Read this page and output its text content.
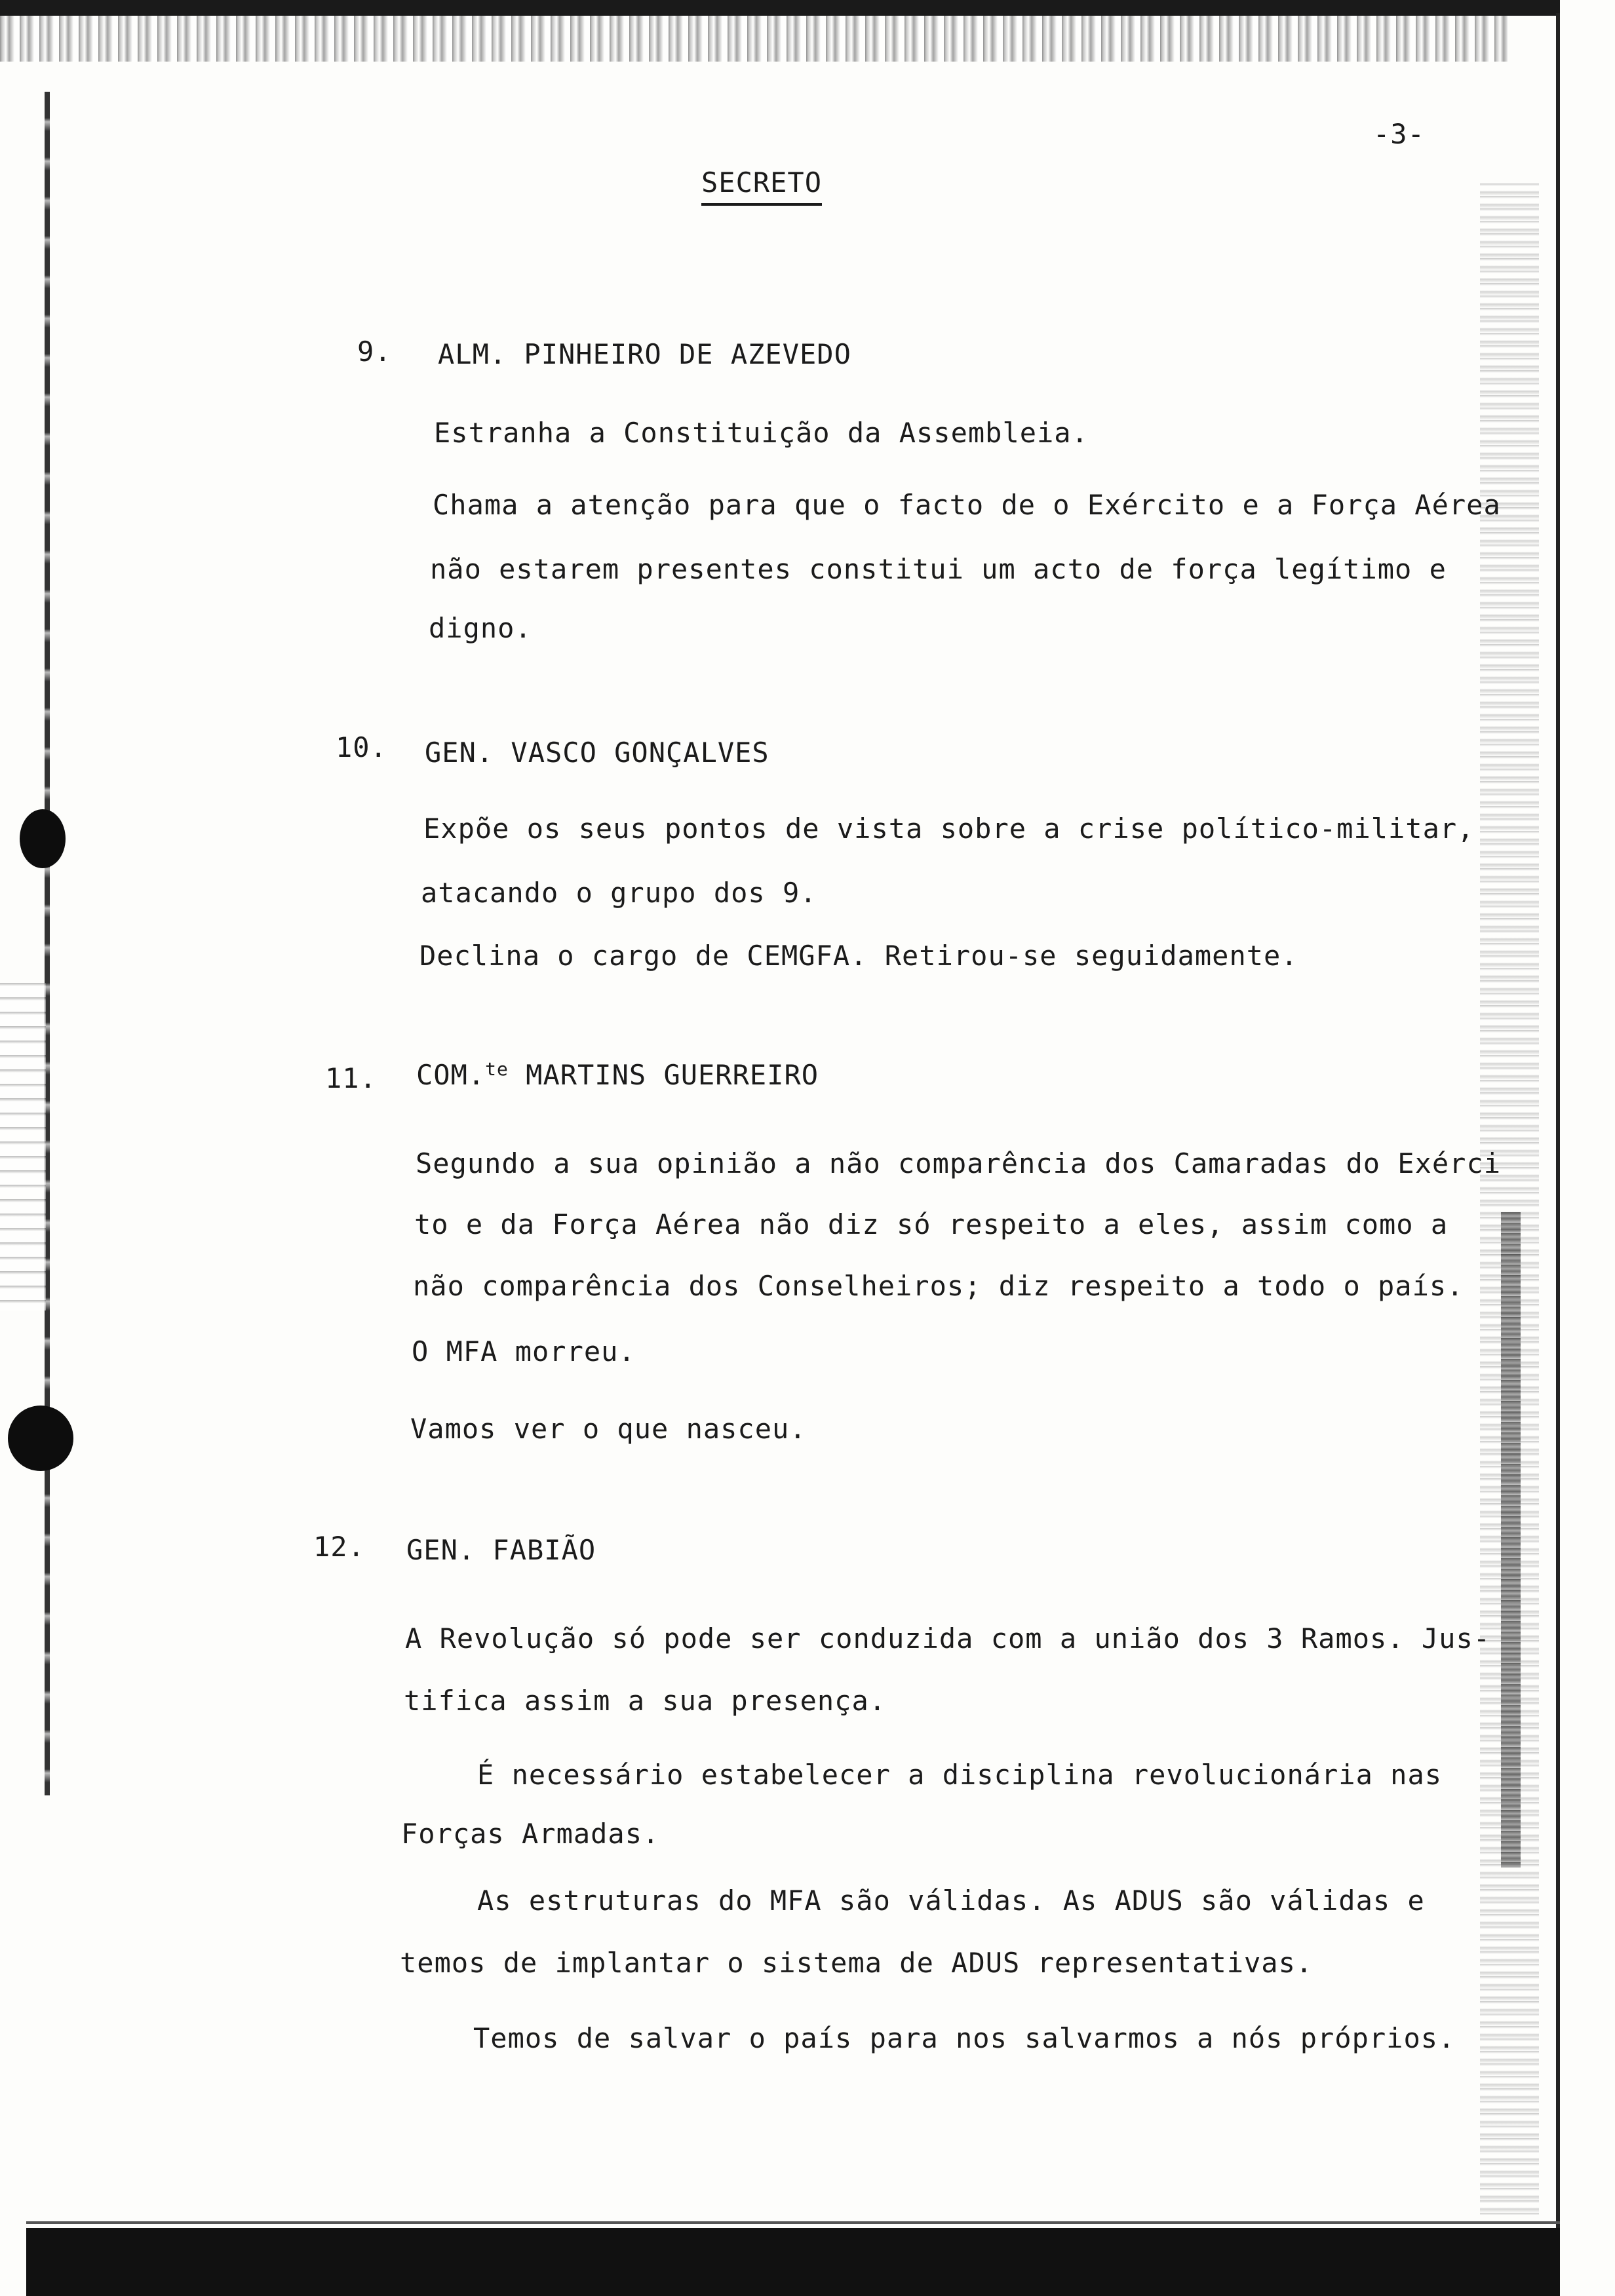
-3-
SECRETO
9. ALM. PINHEIRO DE AZEVEDO
Estranha a Constituição da Assembleia.
Chama a atenção para que o facto de o Exército e a Força Aérea
não estarem presentes constitui um acto de força legítimo e
digno.
10. GEN. VASCO GONÇALVES
Expõe os seus pontos de vista sobre a crise político-militar,
atacando o grupo dos 9.
Declina o cargo de CEMGFA. Retirou-se seguidamente.
11. COM.$^{te}$ MARTINS GUERREIRO
Segundo a sua opinião a não comparência dos Camaradas do Exérci
to e da Força Aérea não diz só respeito a eles, assim como a
não comparência dos Conselheiros; diz respeito a todo o país.
O MFA morreu.
Vamos ver o que nasceu.
12. GEN. FABIÃO
A Revolução só pode ser conduzida com a união dos 3 Ramos. Jus-
tifica assim a sua presença.
É necessário estabelecer a disciplina revolucionária nas
Forças Armadas.
As estruturas do MFA são válidas. As ADUS são válidas e
temos de implantar o sistema de ADUS representativas.
Temos de salvar o país para nos salvarmos a nós próprios.
